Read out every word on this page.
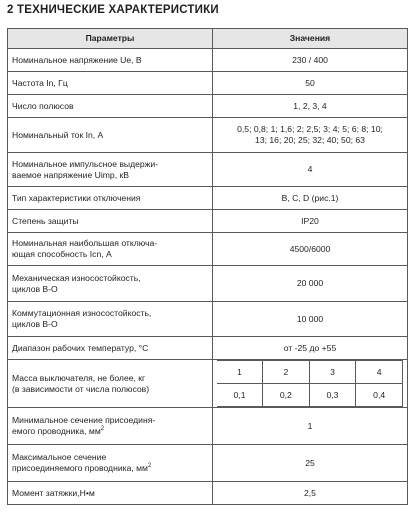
2 ТЕХНИЧЕСКИЕ ХАРАКТЕРИСТИКИ
Параметры	Значения
Номинальное напряжение Ue, В	230 / 400
Частота In, Гц	50
Число полюсов	1, 2, 3, 4
Номинальный ток In, А	
0,5; 0,8; 1; 1,6; 2; 2,5; 3; 4; 5; 6; 8; 10;
13; 16; 20; 25; 32; 40; 50; 63

Номинальное импульсное выдержи-
ваемое напряжение Uimp, кВ
	4
Тип характеристики отключения	B, C, D (рис.1)
Степень защиты	IP20

Номинальная наибольшая отключа-
ющая способность Icn, А
	4500/6000

Механическая износостойкость,
циклов В-О
	20 000

Коммутационная износостойкость,
циклов В-О
	10 000
Диапазон рабочих температур, °С	от -25 до +55

Масса выключателя, не более, кг
(в зависимости от числа полюсов)

1	2	3	4
0,1	0,2	0,3	0,4

Минимальное сечение присоединя-
емого проводника, $мм^2$	1

Максимальное сечение
присоединяемого проводника, $мм^2$	25
Момент затяжки,Н•м	2,5
